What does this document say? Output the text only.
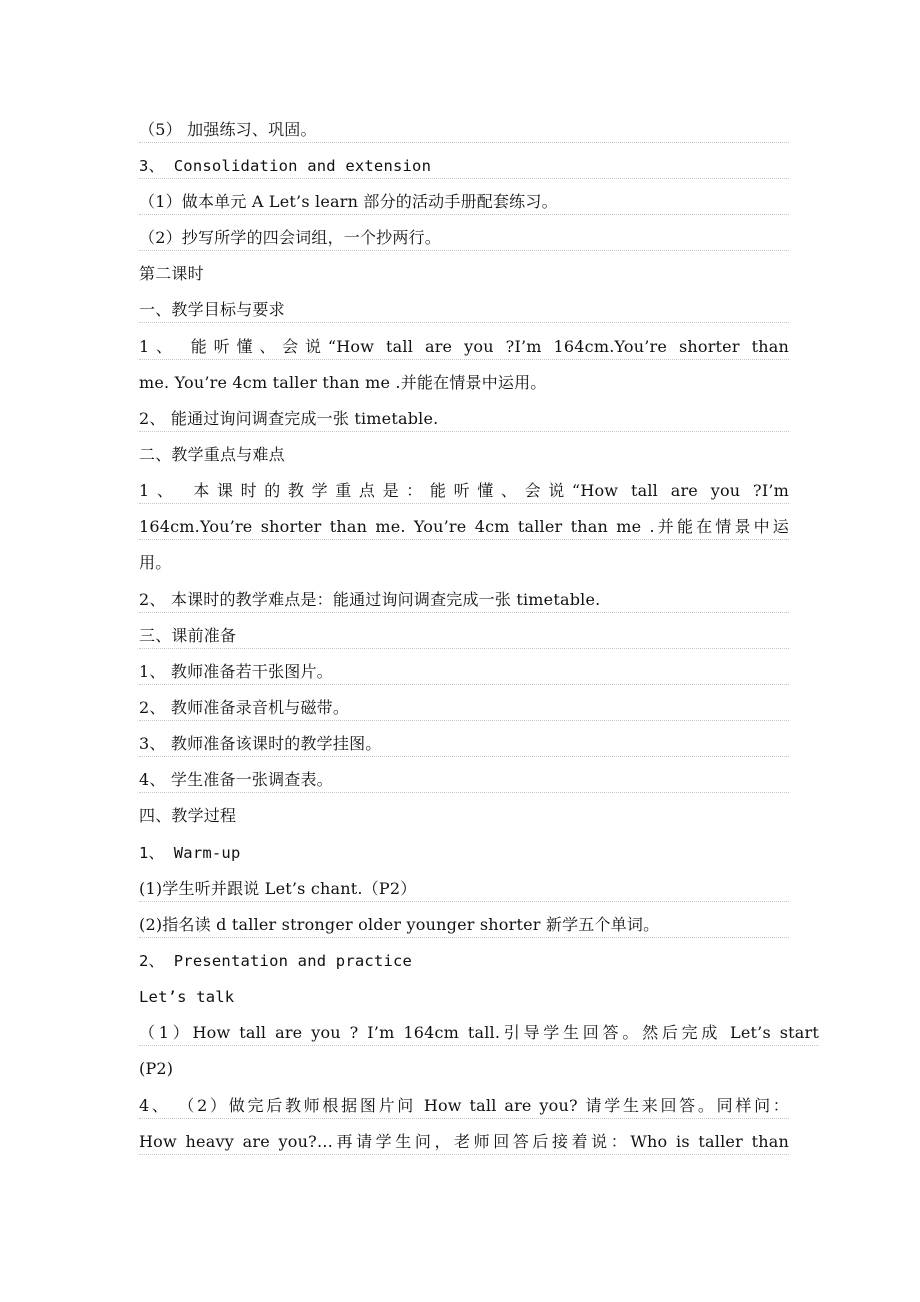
（5） 加强练习、巩固。
3、 Consolidation and extension
（1）做本单元 A Let’s learn 部分的活动手册配套练习。
（2）抄写所学的四会词组，一个抄两行。
第二课时
一、教学目标与要求
1、 能听懂、会说“How tall are you ?I’m 164cm.You’re shorter than
me. You’re 4cm taller than me .并能在情景中运用。
2、 能通过询问调查完成一张 timetable.
二、教学重点与难点
1、 本课时的教学重点是：能听懂、会说“How tall are you ?I’m
164cm.You’re shorter than me. You’re 4cm taller than me .并能在情景中运
用。
2、 本课时的教学难点是：能通过询问调查完成一张 timetable.
三、课前准备
1、 教师准备若干张图片。
2、 教师准备录音机与磁带。
3、 教师准备该课时的教学挂图。
4、 学生准备一张调查表。
四、教学过程
1、 Warm-up
(1)学生听并跟说 Let’s chant.（P2）
(2)指名读 d taller stronger older younger shorter 新学五个单词。
2、 Presentation and practice
Let’s talk
（1）How tall are you ? I’m 164cm tall.引导学生回答。然后完成 Let’s start
(P2)
4、 （2）做完后教师根据图片问 How tall are you? 请学生来回答。同样问：
How heavy are you?…再请学生问，老师回答后接着说：Who is taller than
